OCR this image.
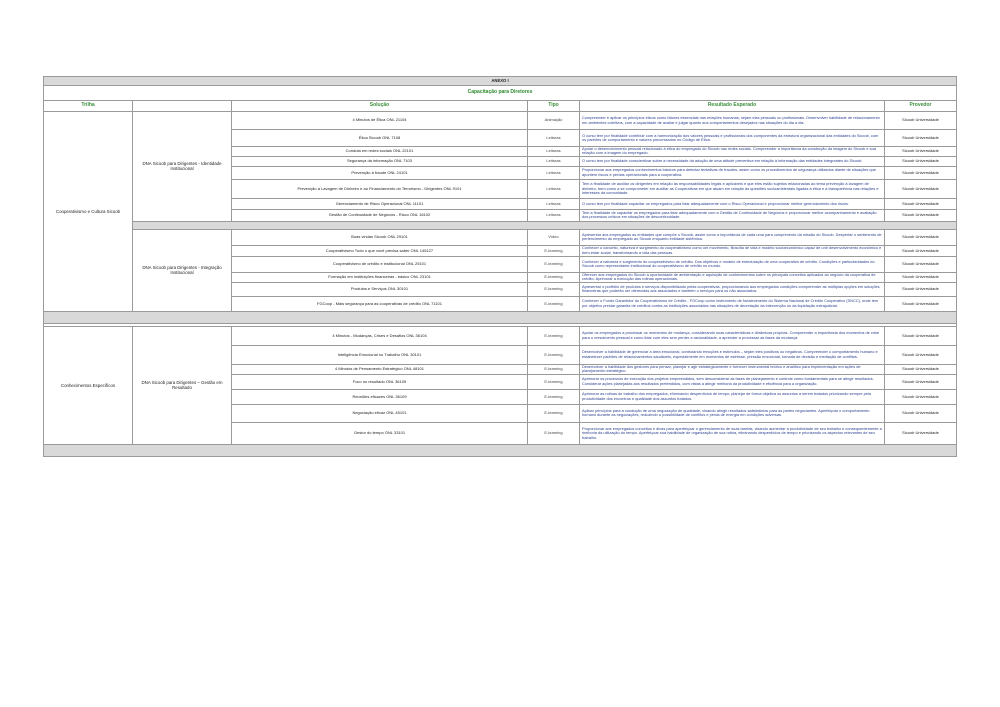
ANEXO I					
Capacitação para Diretores					
Trilha		Solução	Tipo	Resultado Esperado	Provedor
Cooperativismo e Cultura Sicoob	DNA Sicoob para Dirigentes - Identidade Institucional	4 Minutos de Ética ONL 21104	Animação	Compreender e aplicar os princípios éticos como fatores essenciais nas relações humanas, sejam elas pessoais ou profissionais. Desenvolver habilidade de relacionamento em ambientes coletivos, com a capacidade de avaliar e julgar quanto aos comportamentos desejados nas situações do dia a dia.	Sicoob Universidade
		Ética Sicoob ONL 7108	Leituras	O curso tem por finalidade contribuir com a harmonização dos valores pessoais e profissionais dos componentes da estrutura organizacional das entidades do Sicoob, com os padrões de comportamento e valores preconizados no Código de Ética.	Sicoob Universidade
		Conduta em redes sociais ONL 22101	Leituras	Apoiar o desenvolvimento pessoal relacionado à ética do empregado do Sicoob nas redes sociais. Compreender a importância da construção da imagem do Sicoob e sua relação com a imagem do empregado.	Sicoob Universidade
		Segurança da informação ONL 7103	Leituras	O curso tem por finalidade conscientizar sobre a necessidade da adoção de uma atitude preventiva em relação à informação das entidades integrantes do Sicoob.	Sicoob Universidade
		Prevenção à fraude ONL 24101	Leituras	Proporcionar aos empregados conhecimentos básicos para detectar tentativas de fraudes, assim como os procedimentos de segurança utilizados diante de situações que apontem riscos e perdas operacionais para a cooperativa.	Sicoob Universidade
		Prevenção à Lavagem de Dinheiro e ao Financiamento do Terrorismo - Dirigentes ONL 9101	Leituras	Tem a finalidade de auxiliar os dirigentes em relação às responsabilidades legais e aplicáveis e que eles estão sujeitos relacionadas ao tema prevenção à lavagem de dinheiro, bem como a se comprometer em auxiliar as Cooperativas em que atuam em relação às questões socioambientais ligadas à ética e à transparência nas relações e interesses da comunidade.	Sicoob Universidade
		Gerenciamento de Risco Operacional ONL 11101	Leituras	O curso tem por finalidade capacitar os empregados para lidar adequadamente com o Risco Operacional e proporcionar melhor gerenciamento dos riscos.	Sicoob Universidade
		Gestão de Continuidade de Negócios - Risco ONL 16102	Leituras	Tem a finalidade de capacitar os empregados para lidar adequadamente com a Gestão de Continuidade de Negócios e proporcionar melhor acompanhamento e avaliação dos processos críticos em situações de descontinuidade.	Sicoob Universidade

	DNA Sicoob para Dirigentes - Integração Institucional	Boas vindas Sicoob ONL 29101	Vídeo	Apresentar aos empregados as entidades que compõe o Sicoob, assim como a importância de cada uma para cumprimento da missão do Sicoob. Despertar o sentimento de pertencimento do empregado ao Sicoob enquanto entidade sistêmica.	Sicoob Universidade
		Cooperativismo Tudo o que você precisa saber ONL 145127	E-learning	Conhecer o conceito, natureza e surgimento do cooperativismo como um movimento, filosofia de vida e modelo socioeconômico capaz de unir desenvolvimento econômico e bem-estar social, transformando a vida das pessoas.	Sicoob Universidade
		Cooperativismo de crédito e institucional ONL 25101	E-learning	Conhecer a natureza e surgimento do cooperativismo de crédito. Dos objetivos e modelo de estruturação de uma cooperativa de crédito. Condições e particularidades do Sicoob como representante institucional do cooperativismo de crédito no mundo.	Sicoob Universidade
		Formação em instituições financeiras - básico ONL 23101	E-learning	Oferecer aos empregados do Sicoob a oportunidade de ambientação e aquisição de conhecimentos sobre os principais conceitos aplicados ao negócio da cooperativa de crédito. Aprimorar a execução das rotinas operacionais.	Sicoob Universidade
		Produtos e Serviços ONL 30101	E-learning	Apresentar o portfólio de produtos e serviços disponibilizado pelas cooperativas, proporcionando aos empregados condições compreender as múltiplas opções em soluções financeiras que poderão ser oferecidas aos associados e também o serviços para os não associados.	Sicoob Universidade
		FGCoop - Mais segurança para as cooperativas de crédito ONL 71101	E-learning	Conhecer o Fundo Garantidor do Cooperativismo de Crédito - FGCoop como instrumento de fortalecimento do Sistema Nacional de Crédito Cooperativo (SNCC), onde tem por objetivo prestar garantia de créditos contra as instituições associadas nas situações de decretação da intervenção ou da liquidação extrajudicial.	Sicoob Universidade

Conhecimentos Específicos	DNA Sicoob para Dirigentes – Gestão em Resultado	4 Minutos - Mudanças, Crises e Desafios ONL 36104	E-learning	Apoiar os empregados a processar os momentos de mudança, considerando suas características e dinâmicas próprias. Compreender a importância dos momentos de crise para o crescimento pessoal e como lidar com eles sem perder a racionalidade, a aprender a processar as fases da mudança.	Sicoob Universidade
		Inteligência Emocional no Trabalho ONL 30101	E-learning	Desenvolver a habilidade de gerenciar a área emocional, controlando emoções e estímulos – sejam eles positivos ou negativos. Compreender o comportamento humano e estabelecer padrões de relacionamentos saudáveis, especialmente em momentos de estresse, pressão emocional, tomada de decisão e mediação de conflitos.	Sicoob Universidade
		4 Minutos de Pensamento Estratégico ONL 48101	E-learning	Desenvolver a habilidade dos gestores para pensar, planejar e agir estrategicamente e fornecer instrumental teórico e analítico para implementação em ações de planejamento estratégico.	Sicoob Universidade
		Foco no resultado ONL 36105	E-learning	Aprimorar os processos de execução dos projetos empreendidos, sem desconsiderar as fases de planejamento e controle como fundamentais para se atingir resultados. Considerar ações planejadas aos resultados pretendidos, com vistas a atingir melhoria da produtividade e eficiência para a organização.	Sicoob Universidade
		Reuniões eficazes ONL 36109	E-learning	Aprimorar as rotinas de trabalho dos empregados, eliminando desperdícios de tempo; planejar de forma objetiva os assuntos a serem tratados priorizando sempre pela produtividade dos encontros e qualidade dos assuntos tratados.	Sicoob Universidade
		Negociação eficaz ONL 45101	E-learning	Aplicar princípios para a condução de uma negociação de qualidade, visando atingir resultados satisfatórios para as partes negociantes. Aperfeiçoar o comportamento humano durante as negociações, reduzindo a possibilidade de conflitos e perda de energia em condições adversas.	Sicoob Universidade
		Gestor do tempo ONL 33101	E-learning	Proporcionar aos empregados conceitos e dicas para aperfeiçoar o gerenciamento de suas tarefas, visando aumentar a produtividade de seu trabalho e consequentemente a melhoria da utilização do tempo. Aperfeiçoar sua habilidade de organização de sua rotina, eliminando desperdícios de tempo e priorizando os aspectos relevantes de seu trabalho.	Sicoob Universidade
